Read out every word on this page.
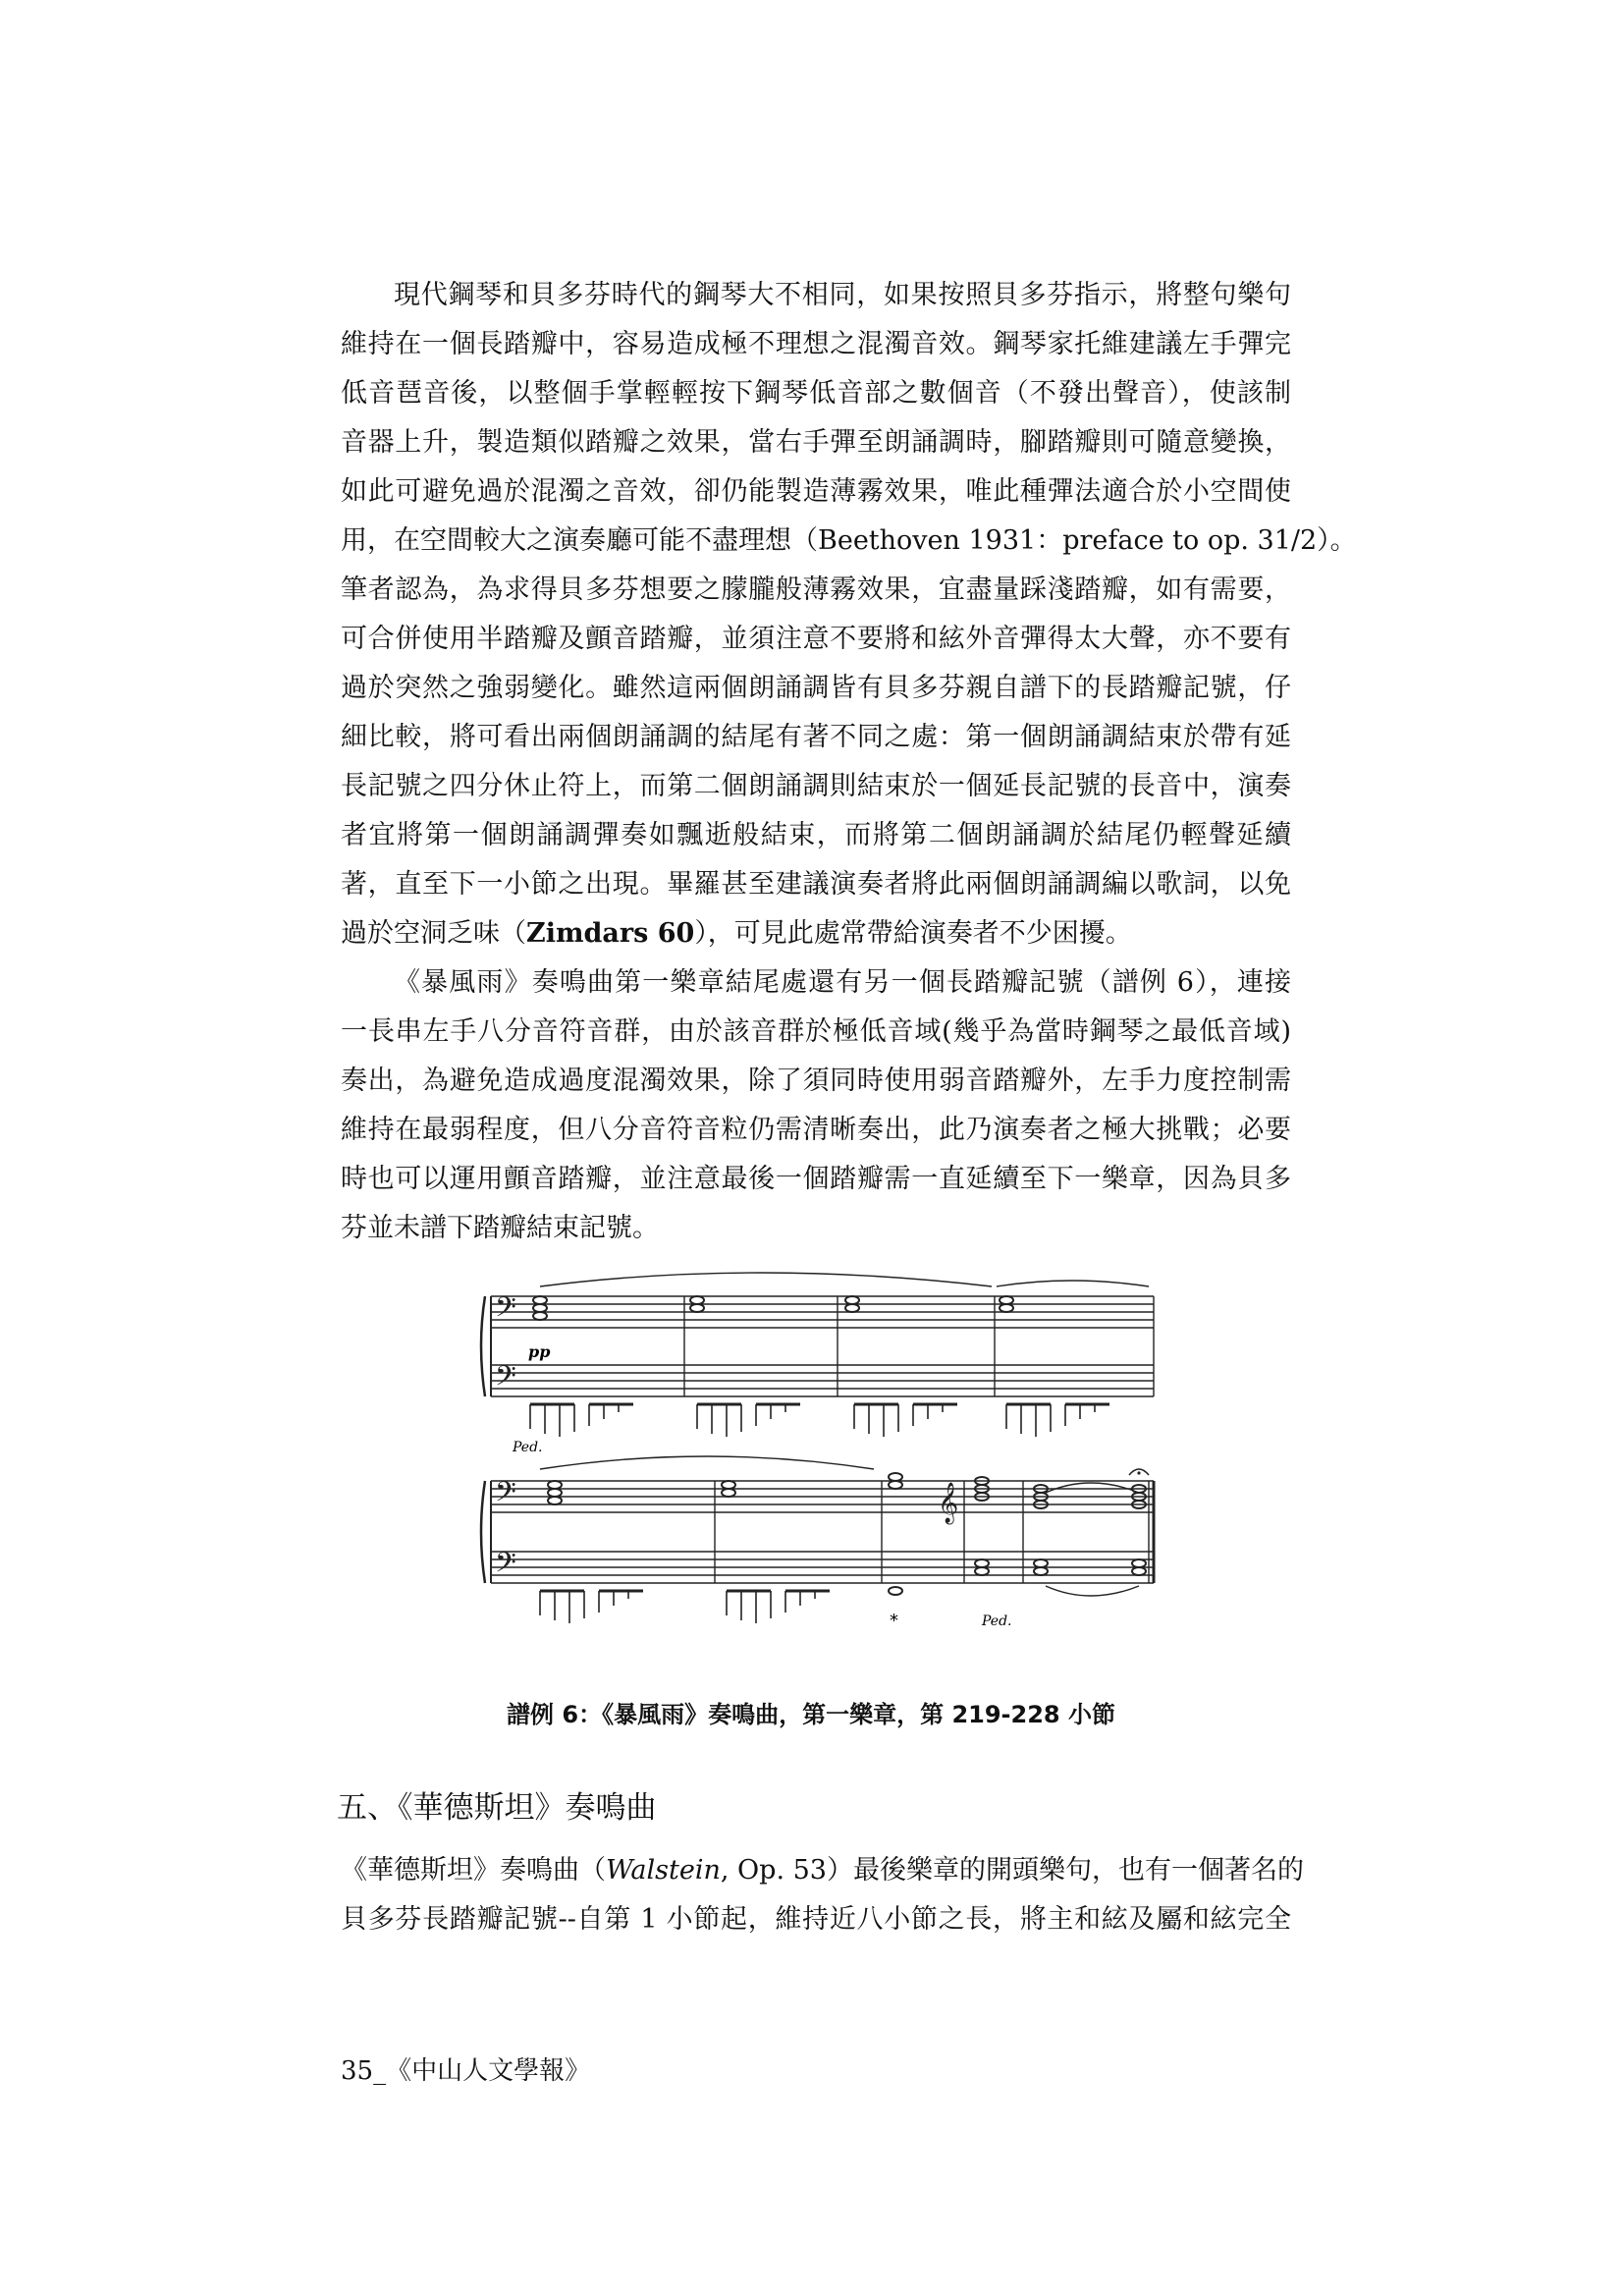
現代鋼琴和貝多芬時代的鋼琴大不相同，如果按照貝多芬指示，將整句樂句
維持在一個長踏瓣中，容易造成極不理想之混濁音效。鋼琴家托維建議左手彈完
低音琶音後，以整個手掌輕輕按下鋼琴低音部之數個音（不發出聲音），使該制
音器上升，製造類似踏瓣之效果，當右手彈至朗誦調時，腳踏瓣則可隨意變換，
如此可避免過於混濁之音效，卻仍能製造薄霧效果，唯此種彈法適合於小空間使
用，在空間較大之演奏廳可能不盡理想（Beethoven 1931：preface to op. 31/2）。
筆者認為，為求得貝多芬想要之朦朧般薄霧效果，宜盡量踩淺踏瓣，如有需要，
可合併使用半踏瓣及顫音踏瓣，並須注意不要將和絃外音彈得太大聲，亦不要有
過於突然之強弱變化。雖然這兩個朗誦調皆有貝多芬親自譜下的長踏瓣記號，仔
細比較，將可看出兩個朗誦調的結尾有著不同之處：第一個朗誦調結束於帶有延
長記號之四分休止符上，而第二個朗誦調則結束於一個延長記號的長音中，演奏
者宜將第一個朗誦調彈奏如飄逝般結束，而將第二個朗誦調於結尾仍輕聲延續
著，直至下一小節之出現。畢羅甚至建議演奏者將此兩個朗誦調編以歌詞，以免
過於空洞乏味（Zimdars 60），可見此處常帶給演奏者不少困擾。
《暴風雨》奏鳴曲第一樂章結尾處還有另一個長踏瓣記號（譜例 6），連接
一長串左手八分音符音群，由於該音群於極低音域(幾乎為當時鋼琴之最低音域)
奏出，為避免造成過度混濁效果，除了須同時使用弱音踏瓣外，左手力度控制需
維持在最弱程度，但八分音符音粒仍需清晰奏出，此乃演奏者之極大挑戰；必要
時也可以運用顫音踏瓣，並注意最後一個踏瓣需一直延續至下一樂章，因為貝多
芬並未譜下踏瓣結束記號。
𝄢
𝄢
𝄢
𝄢
𝄞
pp
Ped.
Ped.
*
譜例 6：《暴風雨》奏鳴曲，第一樂章，第 219-228 小節
五、《華德斯坦》奏鳴曲
《華德斯坦》奏鳴曲（Walstein, Op. 53）最後樂章的開頭樂句，也有一個著名的
貝多芬長踏瓣記號--自第 1 小節起，維持近八小節之長，將主和絃及屬和絃完全
35_《中山人文學報》
